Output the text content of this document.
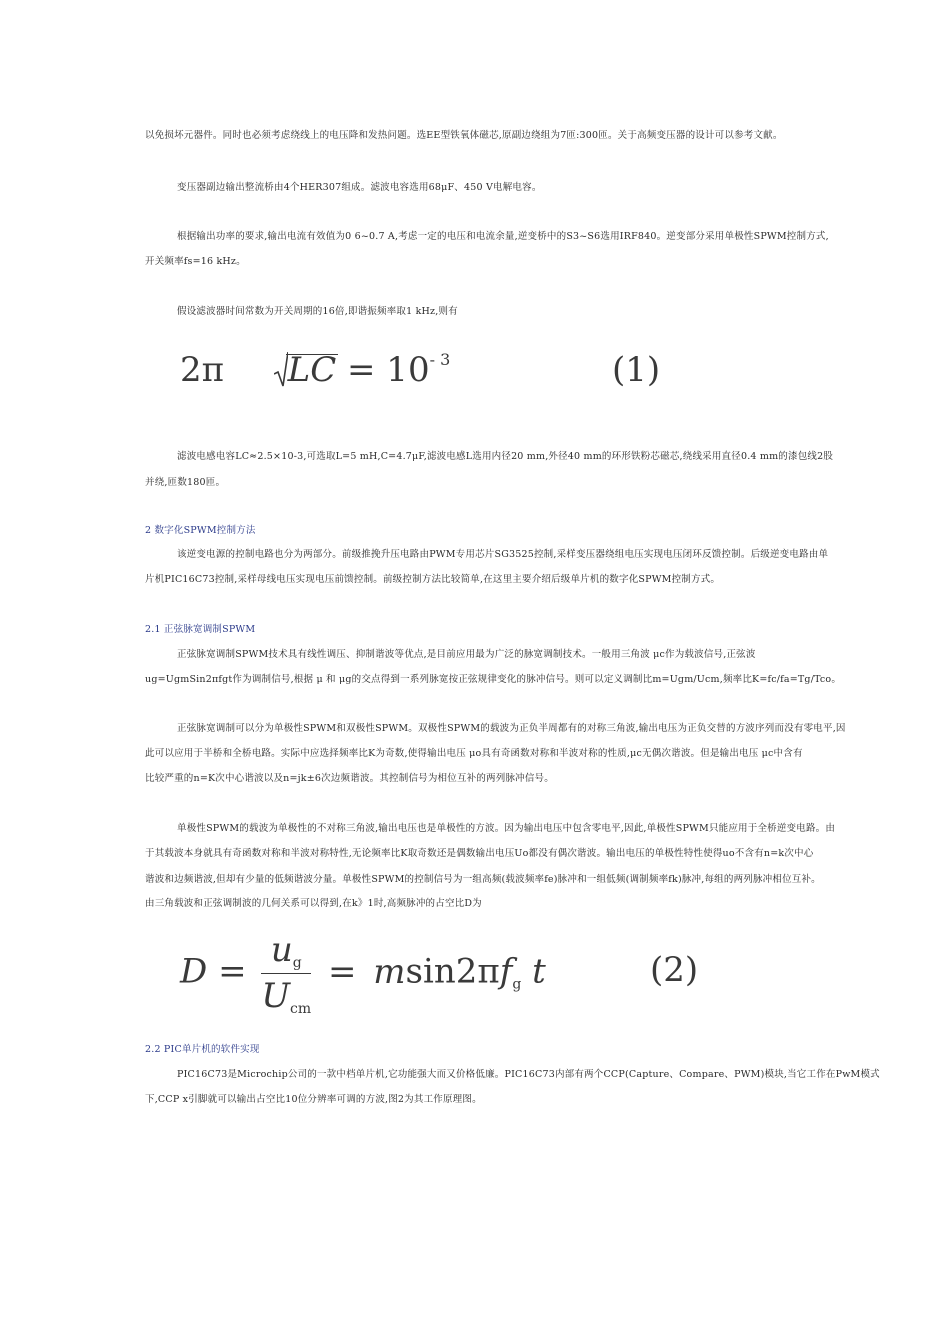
以免损坏元器件。同时也必须考虑绕线上的电压降和发热问题。选EE型铁氧体磁芯,原副边绕组为7匝:300匝。关于高频变压器的设计可以参考文献。
变压器副边输出整流桥由4个HER307组成。滤波电容选用68μF、450 V电解电容。
根据输出功率的要求,输出电流有效值为0 6~0.7 A,考虑一定的电压和电流余量,逆变桥中的S3~S6选用IRF840。逆变部分采用单极性SPWM控制方式,
开关频率fs=16 kHz。
假设滤波器时间常数为开关周期的16倍,即谐振频率取1 kHz,则有
2π LC = $10^{- 3}$	(1)
滤波电感电容LC≈2.5×10-3,可选取L=5 mH,C=4.7μF,滤波电感L选用内径20 mm,外径40 mm的环形铁粉芯磁芯,绕线采用直径0.4 mm的漆包线2股
并绕,匝数180匝。
2 数字化SPWM控制方法
该逆变电源的控制电路也分为两部分。前级推挽升压电路由PWM专用芯片SG3525控制,采样变压器绕组电压实现电压闭环反馈控制。后级逆变电路由单
片机PIC16C73控制,采样母线电压实现电压前馈控制。前级控制方法比较简单,在这里主要介绍后级单片机的数字化SPWM控制方式。
2.1 正弦脉宽调制SPWM
正弦脉宽调制SPWM技术具有线性调压、抑制谐波等优点,是目前应用最为广泛的脉宽调制技术。一般用三角波 μc作为载波信号,正弦波
ug=UgmSin2πfgt作为调制信号,根据 μ 和 μg的交点得到一系列脉宽按正弦规律变化的脉冲信号。则可以定义调制比m=Ugm/Ucm,频率比K=fc/fa=Tg/Tco。
正弦脉宽调制可以分为单极性SPWM和双极性SPWM。双极性SPWM的载波为正负半周都有的对称三角波,输出电压为正负交替的方波序列而没有零电平,因
此可以应用于半桥和全桥电路。实际中应选择频率比K为奇数,使得输出电压 μo具有奇函数对称和半波对称的性质,μc无偶次谐波。但是输出电压 μc中含有
比较严重的n=K次中心谐波以及n=jk±6次边频谐波。其控制信号为相位互补的两列脉冲信号。
单极性SPWM的载波为单极性的不对称三角波,输出电压也是单极性的方波。因为输出电压中包含零电平,因此,单极性SPWM只能应用于全桥逆变电路。由
于其载波本身就具有奇函数对称和半波对称特性,无论频率比K取奇数还是偶数输出电压Uo都没有偶次谐波。输出电压的单极性特性使得uo不含有n=k次中心
谐波和边频谐波,但却有少量的低频谐波分量。单极性SPWM的控制信号为一组高频(载波频率fe)脉冲和一组低频(调制频率fk)脉冲,每组的两列脉冲相位互补。
由三角载波和正弦调制波的几何关系可以得到,在k》1时,高频脉冲的占空比D为
$D = \frac{u_g}{U_{cm}} = msin2\pi f_g$ t	(2)
2.2 PIC单片机的软件实现
PIC16C73是Microchip公司的一款中档单片机,它功能强大而又价格低廉。PIC16C73内部有两个CCP(Capture、Compare、PWM)模块,当它工作在PwM模式
下,CCP x引脚就可以输出占空比10位分辨率可调的方波,图2为其工作原理图。
